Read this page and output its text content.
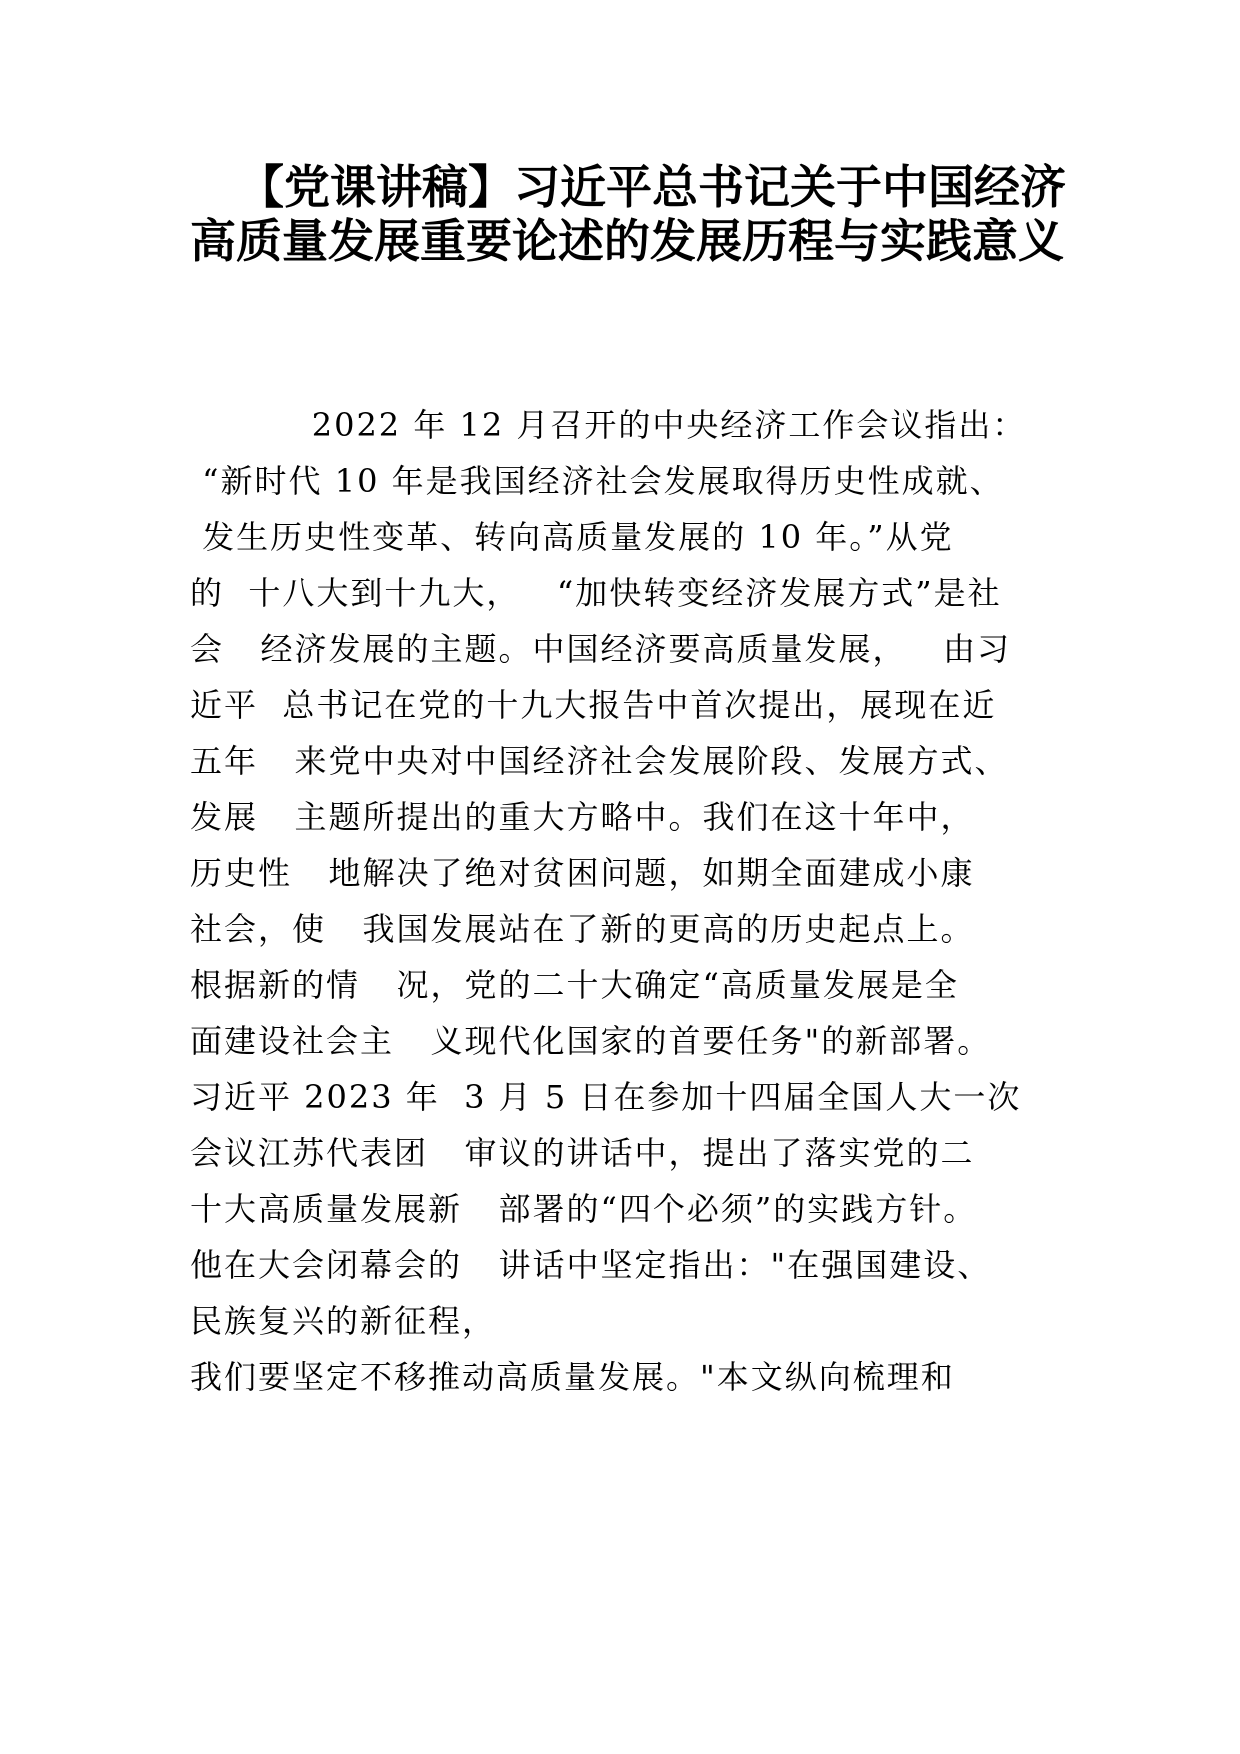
【党课讲稿】习近平总书记关于中国经济高质量发展重要论述的发展历程与实践意义
2022 年 12 月召开的中央经济工作会议指出：
“新时代 10 年是我国经济社会发展取得历史性成就、
发生历史性变革、转向高质量发展的 10 年。”从党
的  十八大到十九大，   “加快转变经济发展方式”是社
会   经济发展的主题。中国经济要高质量发展，   由习
近平  总书记在党的十九大报告中首次提出，展现在近
五年   来党中央对中国经济社会发展阶段、发展方式、
发展   主题所提出的重大方略中。我们在这十年中，
历史性   地解决了绝对贫困问题，如期全面建成小康
社会，使   我国发展站在了新的更高的历史起点上。
根据新的情   况，党的二十大确定“高质量发展是全
面建设社会主   义现代化国家的首要任务"的新部署。
习近平 2023 年  3 月 5 日在参加十四届全国人大一次
会议江苏代表团   审议的讲话中，提出了落实党的二
十大高质量发展新   部署的“四个必须”的实践方针。
他在大会闭幕会的   讲话中坚定指出："在强国建设、
民族复兴的新征程，
我们要坚定不移推动高质量发展。"本文纵向梳理和
